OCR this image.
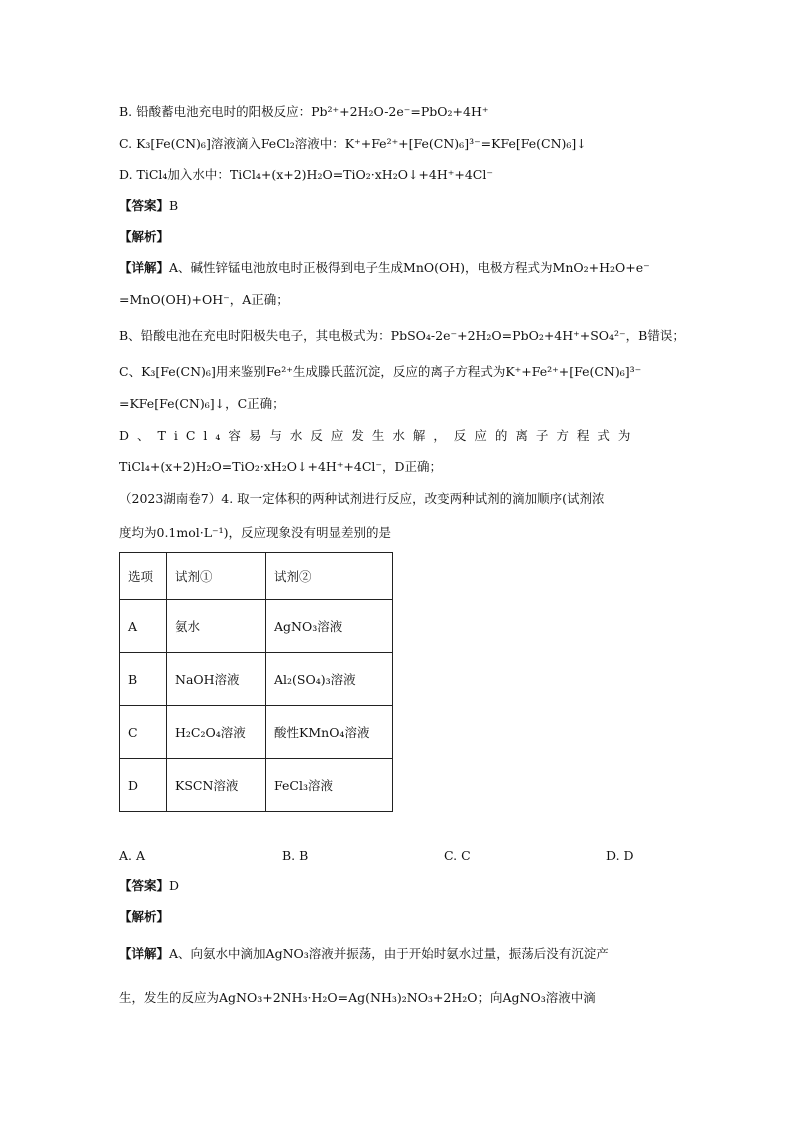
B. 铅酸蓄电池充电时的阳极反应：Pb²⁺+2H₂O-2e⁻=PbO₂+4H⁺
C. K₃[Fe(CN)₆]溶液滴入FeCl₂溶液中：K⁺+Fe²⁺+[Fe(CN)₆]³⁻=KFe[Fe(CN)₆]↓
D. TiCl₄加入水中：TiCl₄+(x+2)H₂O=TiO₂·xH₂O↓+4H⁺+4Cl⁻
【答案】B
【解析】
【详解】A、碱性锌锰电池放电时正极得到电子生成MnO(OH)，电极方程式为MnO₂+H₂O+e⁻
=MnO(OH)+OH⁻，A正确；
B、铅酸电池在充电时阳极失电子，其电极式为：PbSO₄-2e⁻+2H₂O=PbO₂+4H⁺+SO₄²⁻，B错误；
C、K₃[Fe(CN)₆]用来鉴别Fe²⁺生成滕氏蓝沉淀，反应的离子方程式为K⁺+Fe²⁺+[Fe(CN)₆]³⁻
=KFe[Fe(CN)₆]↓，C正确；
D、TiCl₄容易与水反应发生水解，反应的离子方程式为
TiCl₄+(x+2)H₂O=TiO₂·xH₂O↓+4H⁺+4Cl⁻，D正确；
（2023湖南卷7）4. 取一定体积的两种试剂进行反应，改变两种试剂的滴加顺序(试剂浓
度均为0.1mol·L⁻¹)，反应现象没有明显差别的是
选项	试剂①	试剂②
A	氨水	AgNO₃溶液
B	NaOH溶液	Al₂(SO₄)₃溶液
C	H₂C₂O₄溶液	酸性KMnO₄溶液
D	KSCN溶液	FeCl₃溶液
A. A	B. B	C. C	D. D
【答案】D
【解析】
【详解】A、向氨水中滴加AgNO₃溶液并振荡，由于开始时氨水过量，振荡后没有沉淀产
生，发生的反应为AgNO₃+2NH₃·H₂O=Ag(NH₃)₂NO₃+2H₂O；向AgNO₃溶液中滴
